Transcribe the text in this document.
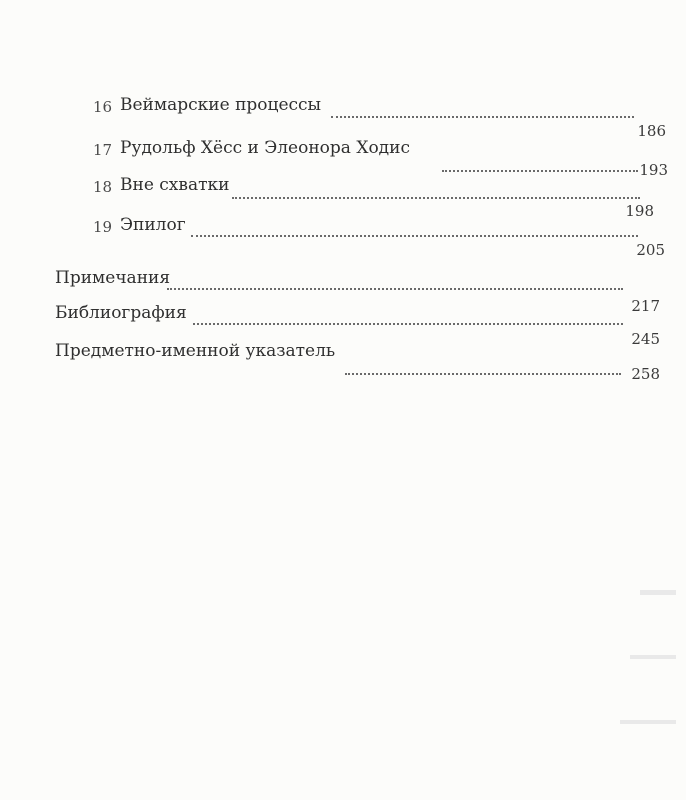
16 Веймарские процессы
186
17 Рудольф Хёсс и Элеонора Ходис
193
18 Вне схватки
198
19 Эпилог
205
Примечания
217
Библиография
245
Предметно-именной указатель
258
